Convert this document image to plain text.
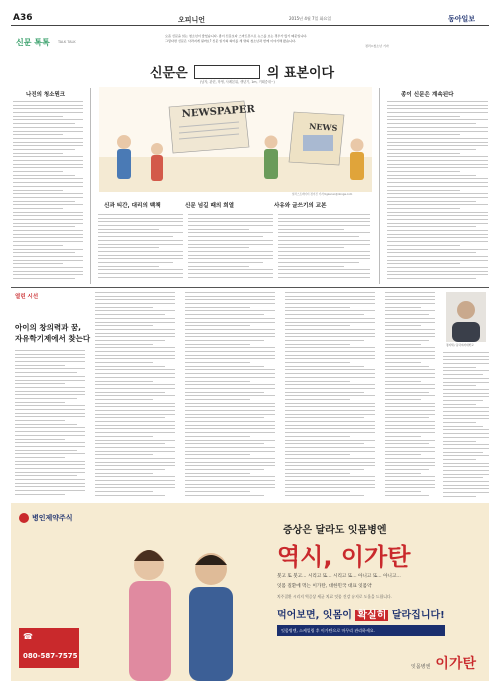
A36	오피니언	2015년 4월 7일 화요일	동아일보
신문 톡톡 TALK TALK
요즘 신문을 읽는 청소년이 줄었습니다. 종이 신문보다 스마트폰으로 뉴스를 보는 경우가 많기 때문입니다.
그렇다면 신문은 사라지게 될까요? 신문 읽기의 의미를 세 명의 청소년과 함께 이야기해 봤습니다.
정리=청소년 기자
신문은	의 표본이다
(남자, 관련, 학생, 사례본위, 생년기, 1m, 거래중대~)
나진의 청소뭔크
NEWSPAPER
NEWS
일러스트레이터 정이진 기자 tigzerun@donga.com
신과 티간, 대리의 백책	신문 넘길 때의 희열	사유와 글쓰기의 교본
종이 신문은 계속된다
열린 시선
아이의 창의력과 꿈,
자유학기제에서 찾는다
정지세 / 동덕여자대학교
병인제약주식
☎
080-587-7575
증상은 달라도 잇몸병엔
역시, 이가탄
붓고 또 붓고... 시리고 또... 시리고 또... 아니고 또... 아니고...
잇몸 질환에 먹는 이가탄, 대한민국 대표 잇몸약
치주질환 시리지 역증상 세균 치료 잇몸 건강 유지로 도움을 드립니다.
먹어보면, 잇몸이 확실히 달라집니다!
잇몸병엔, 스케일링 후 이가탄으로 마무리 관리하세요.
잇몸병엔 이가탄
